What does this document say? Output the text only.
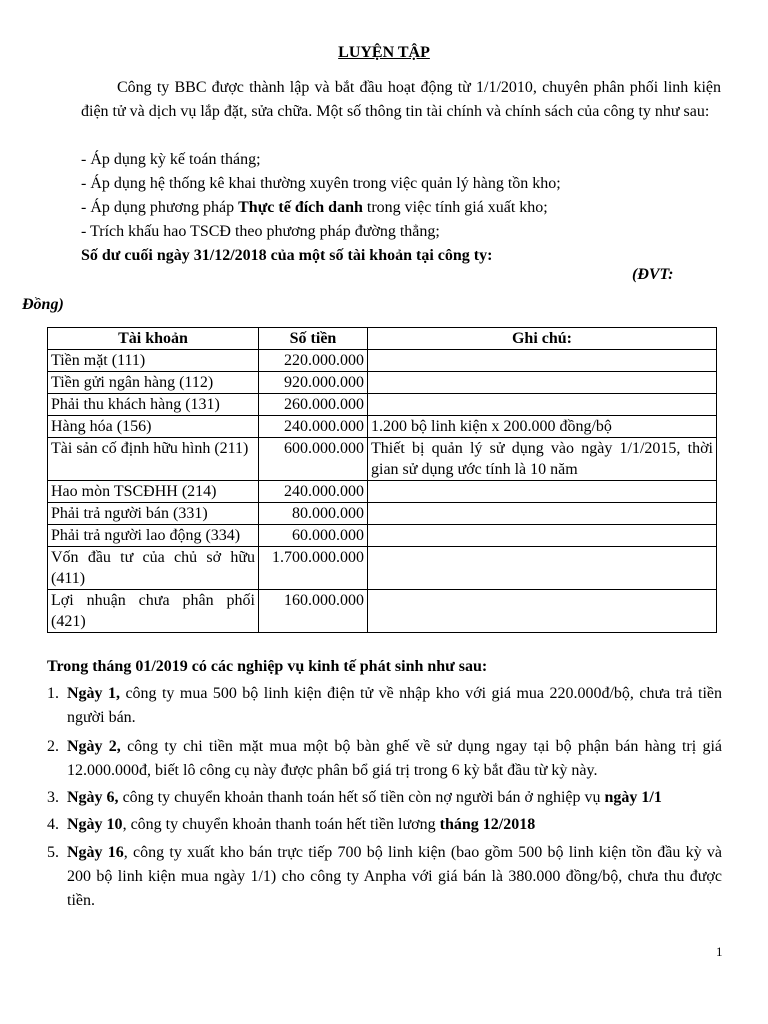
LUYỆN TẬP
Công ty BBC được thành lập và bắt đầu hoạt động từ 1/1/2010, chuyên phân phối linh kiện điện tử và dịch vụ lắp đặt, sửa chữa. Một số thông tin tài chính và chính sách của công ty như sau:
- Áp dụng kỳ kế toán tháng;
- Áp dụng hệ thống kê khai thường xuyên trong việc quản lý hàng tồn kho;
- Áp dụng phương pháp Thực tế đích danh trong việc tính giá xuất kho;
- Trích khấu hao TSCĐ theo phương pháp đường thẳng;
Số dư cuối ngày 31/12/2018 của một số tài khoản tại công ty:
(ĐVT:
Đồng)
Tài khoản	Số tiền	Ghi chú:
Tiền mặt (111)	220.000.000	
Tiền gửi ngân hàng (112)	920.000.000	
Phải thu khách hàng (131)	260.000.000	
Hàng hóa (156)	240.000.000	1.200 bộ linh kiện x 200.000 đồng/bộ
Tài sản cố định hữu hình (211)	600.000.000	Thiết bị quản lý sử dụng vào ngày 1/1/2015, thời gian sử dụng ước tính là 10 năm
Hao mòn TSCĐHH (214)	240.000.000	
Phải trả người bán (331)	80.000.000	
Phải trả người lao động (334)	60.000.000	
Vốn đầu tư của chủ sở hữu (411)	1.700.000.000	
Lợi nhuận chưa phân phối (421)	160.000.000	
Trong tháng 01/2019 có các nghiệp vụ kinh tế phát sinh như sau:
1. Ngày 1, công ty mua 500 bộ linh kiện điện tử về nhập kho với giá mua 220.000đ/bộ, chưa trả tiền người bán.
2. Ngày 2, công ty chi tiền mặt mua một bộ bàn ghế về sử dụng ngay tại bộ phận bán hàng trị giá 12.000.000đ, biết lô công cụ này được phân bổ giá trị trong 6 kỳ bắt đầu từ kỳ này.
3. Ngày 6, công ty chuyển khoản thanh toán hết số tiền còn nợ người bán ở nghiệp vụ ngày 1/1
4. Ngày 10, công ty chuyển khoản thanh toán hết tiền lương tháng 12/2018
5. Ngày 16, công ty xuất kho bán trực tiếp 700 bộ linh kiện (bao gồm 500 bộ linh kiện tồn đầu kỳ và 200 bộ linh kiện mua ngày 1/1) cho công ty Anpha với giá bán là 380.000 đồng/bộ, chưa thu được tiền.
1
